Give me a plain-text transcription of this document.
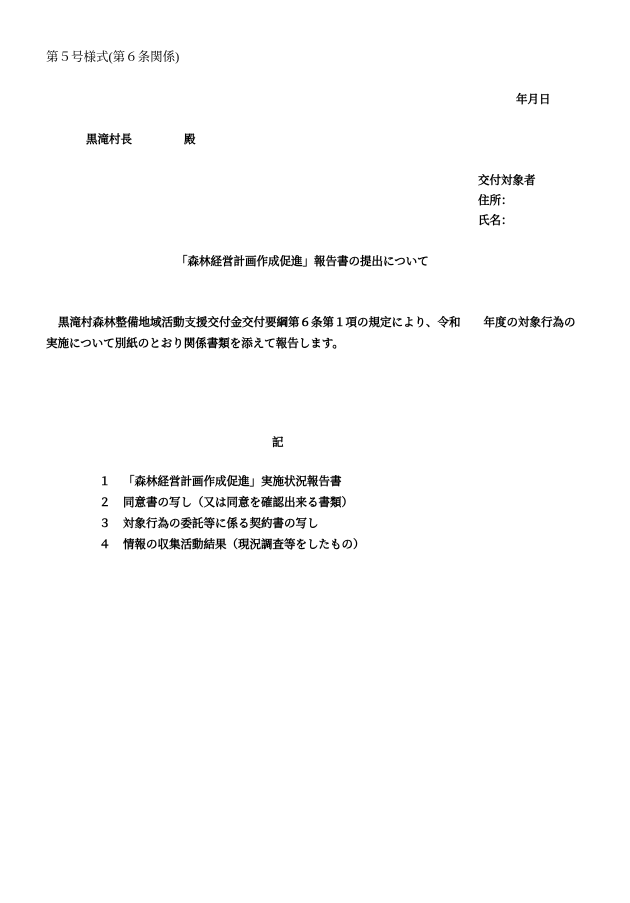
第５号様式(第６条関係)
年月日
黒滝村長	殿
交付対象者
住所：
氏名：
「森林経営計画作成促進」報告書の提出について
黒滝村森林整備地域活動支援交付金交付要綱第６条第１項の規定により、令和　　年度の対象行為の実施について別紙のとおり関係書類を添えて報告します。
記
１ 「森林経営計画作成促進」実施状況報告書
２ 同意書の写し（又は同意を確認出来る書類）
３ 対象行為の委託等に係る契約書の写し
４ 情報の収集活動結果（現況調査等をしたもの）
